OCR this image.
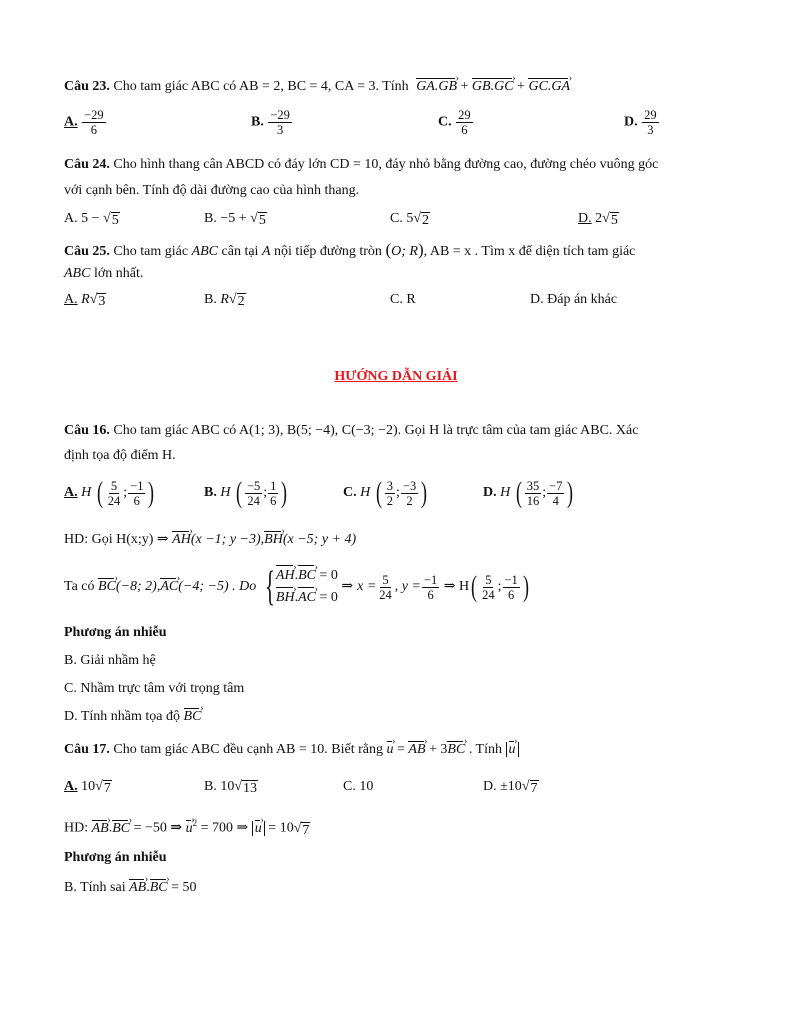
Câu 23. Cho tam giác ABC có AB = 2, BC = 4, CA = 3. Tính GA.GB › + GB.GC › + GC.GA ›
A. $\frac{-29}{6}$	B. $\frac{-29}{3}$	C. $\frac{29}{6}$	D. $\frac{29}{3}$
Câu 24. Cho hình thang cân ABCD có đáy lớn CD = 10, đáy nhỏ bằng đường cao, đường chéo vuông góc
với cạnh bên. Tính độ dài đường cao của hình thang.
A. 5 − √ 5	B. −5 + √ 5	C. 5 √ 2	D. 2 √ 5
Câu 25. Cho tam giác ABC cân tại A nội tiếp đường tròn (O; R), AB = x . Tìm x để diện tích tam giác
ABC lớn nhất.
A. R √ 3	B. R √ 2	C. R	D. Đáp án khác
HƯỚNG DẪN GIẢI
Câu 16. Cho tam giác ABC có A(1; 3), B(5; −4), C(−3; −2). Gọi H là trực tâm của tam giác ABC. Xác
định tọa độ điểm H.
A. H ( $\frac{5}{24}$ ; $\frac{-1}{6}$ )	B. H ( $\frac{-5}{24}$ ; $\frac{1}{6}$ )	C. H ( $\frac{3}{2}$ ; $\frac{-3}{2}$ )	D. H ( $\frac{35}{16}$ ; $\frac{-7}{4}$ )
HD: Gọi H(x;y) ⇒ AH ›(x −1; y −3),BH ›(x −5; y + 4)
Ta có
BC › (−8; 2), AC › (−4; −5) . Do
{ AH ›.BC › = 0
BH ›.AC › = 0
⇒ $x = \frac{5}{24}$ , $y = \frac{-1}{6}$
⇒ H ( $\frac{5}{24}$ ; $\frac{-1}{6}$ )
Phương án nhiễu
B. Giải nhầm hệ
C. Nhầm trực tâm với trọng tâm
D. Tính nhầm tọa độ BC ›
Câu 17. Cho tam giác ABC đều cạnh AB = 10. Biết rằng u › = AB › + 3BC › . Tính u ›
A. 10 √ 7	B. 10 √ 13	C. 10	D. ±10 √ 7
HD: AB ›.BC › = −50 ⇒ u ›$^2$ = 700 ⇒ u › = 10 √ 7
Phương án nhiễu
B. Tính sai AB ›.BC › = 50
